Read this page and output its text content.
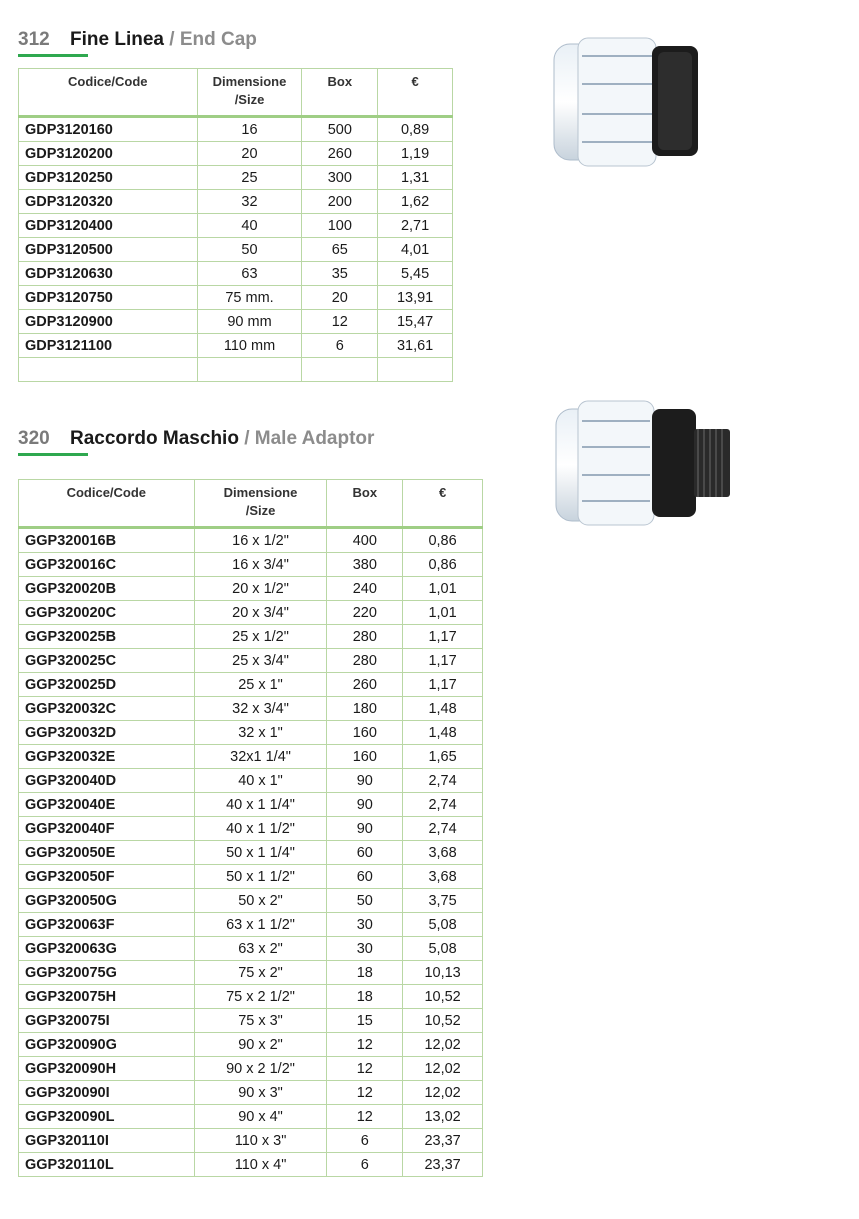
312 Fine Linea / End Cap
Codice/Code	Dimensione /Size	Box	€
GDP3120160	16	500	0,89
GDP3120200	20	260	1,19
GDP3120250	25	300	1,31
GDP3120320	32	200	1,62
GDP3120400	40	100	2,71
GDP3120500	50	65	4,01
GDP3120630	63	35	5,45
GDP3120750	75 mm.	20	13,91
GDP3120900	90 mm	12	15,47
GDP3121100	110 mm	6	31,61

320 Raccordo Maschio / Male Adaptor
Codice/Code	Dimensione /Size	Box	€
GGP320016B	16 x 1/2"	400	0,86
GGP320016C	16 x 3/4"	380	0,86
GGP320020B	20 x 1/2"	240	1,01
GGP320020C	20 x 3/4"	220	1,01
GGP320025B	25 x 1/2"	280	1,17
GGP320025C	25 x 3/4"	280	1,17
GGP320025D	25 x 1"	260	1,17
GGP320032C	32 x 3/4"	180	1,48
GGP320032D	32 x 1"	160	1,48
GGP320032E	32x1 1/4"	160	1,65
GGP320040D	40 x 1"	90	2,74
GGP320040E	40 x 1 1/4"	90	2,74
GGP320040F	40 x 1 1/2"	90	2,74
GGP320050E	50 x 1 1/4"	60	3,68
GGP320050F	50 x 1 1/2"	60	3,68
GGP320050G	50 x 2"	50	3,75
GGP320063F	63 x 1 1/2"	30	5,08
GGP320063G	63 x 2"	30	5,08
GGP320075G	75 x 2"	18	10,13
GGP320075H	75 x 2 1/2"	18	10,52
GGP320075I	75 x 3"	15	10,52
GGP320090G	90 x 2"	12	12,02
GGP320090H	90 x 2 1/2"	12	12,02
GGP320090I	90 x 3"	12	12,02
GGP320090L	90 x 4"	12	13,02
GGP320110I	110 x 3"	6	23,37
GGP320110L	110 x 4"	6	23,37
